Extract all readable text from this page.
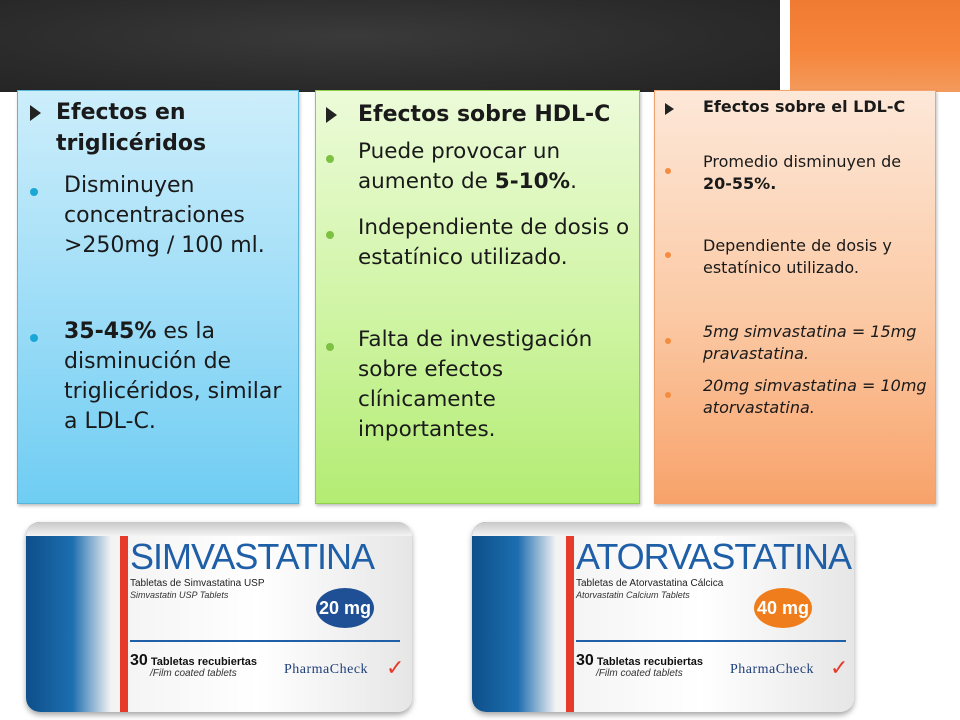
Efectos en triglicéridos
Disminuyen concentraciones >250mg / 100 ml.
35-45% es la disminución de triglicéridos, similar a LDL-C.
Efectos sobre HDL-C
Puede provocar un aumento de 5-10%.
Independiente de dosis o estatínico utilizado.
Falta de investigación sobre efectos clínicamente importantes.
Efectos sobre el LDL-C
Promedio disminuyen de 20-55%.
Dependiente de dosis y estatínico utilizado.
5mg simvastatina = 15mg pravastatina.
20mg simvastatina = 10mg atorvastatina.
SIMVASTATINA
Tabletas de Simvastatina USP
Simvastatin USP Tablets
20 mg
30 Tabletas recubiertas
/Film coated tablets	PharmaCheck ✓
ATORVASTATINA
Tabletas de Atorvastatina Cálcica
Atorvastatin Calcium Tablets
40 mg
30 Tabletas recubiertas
/Film coated tablets	PharmaCheck ✓
